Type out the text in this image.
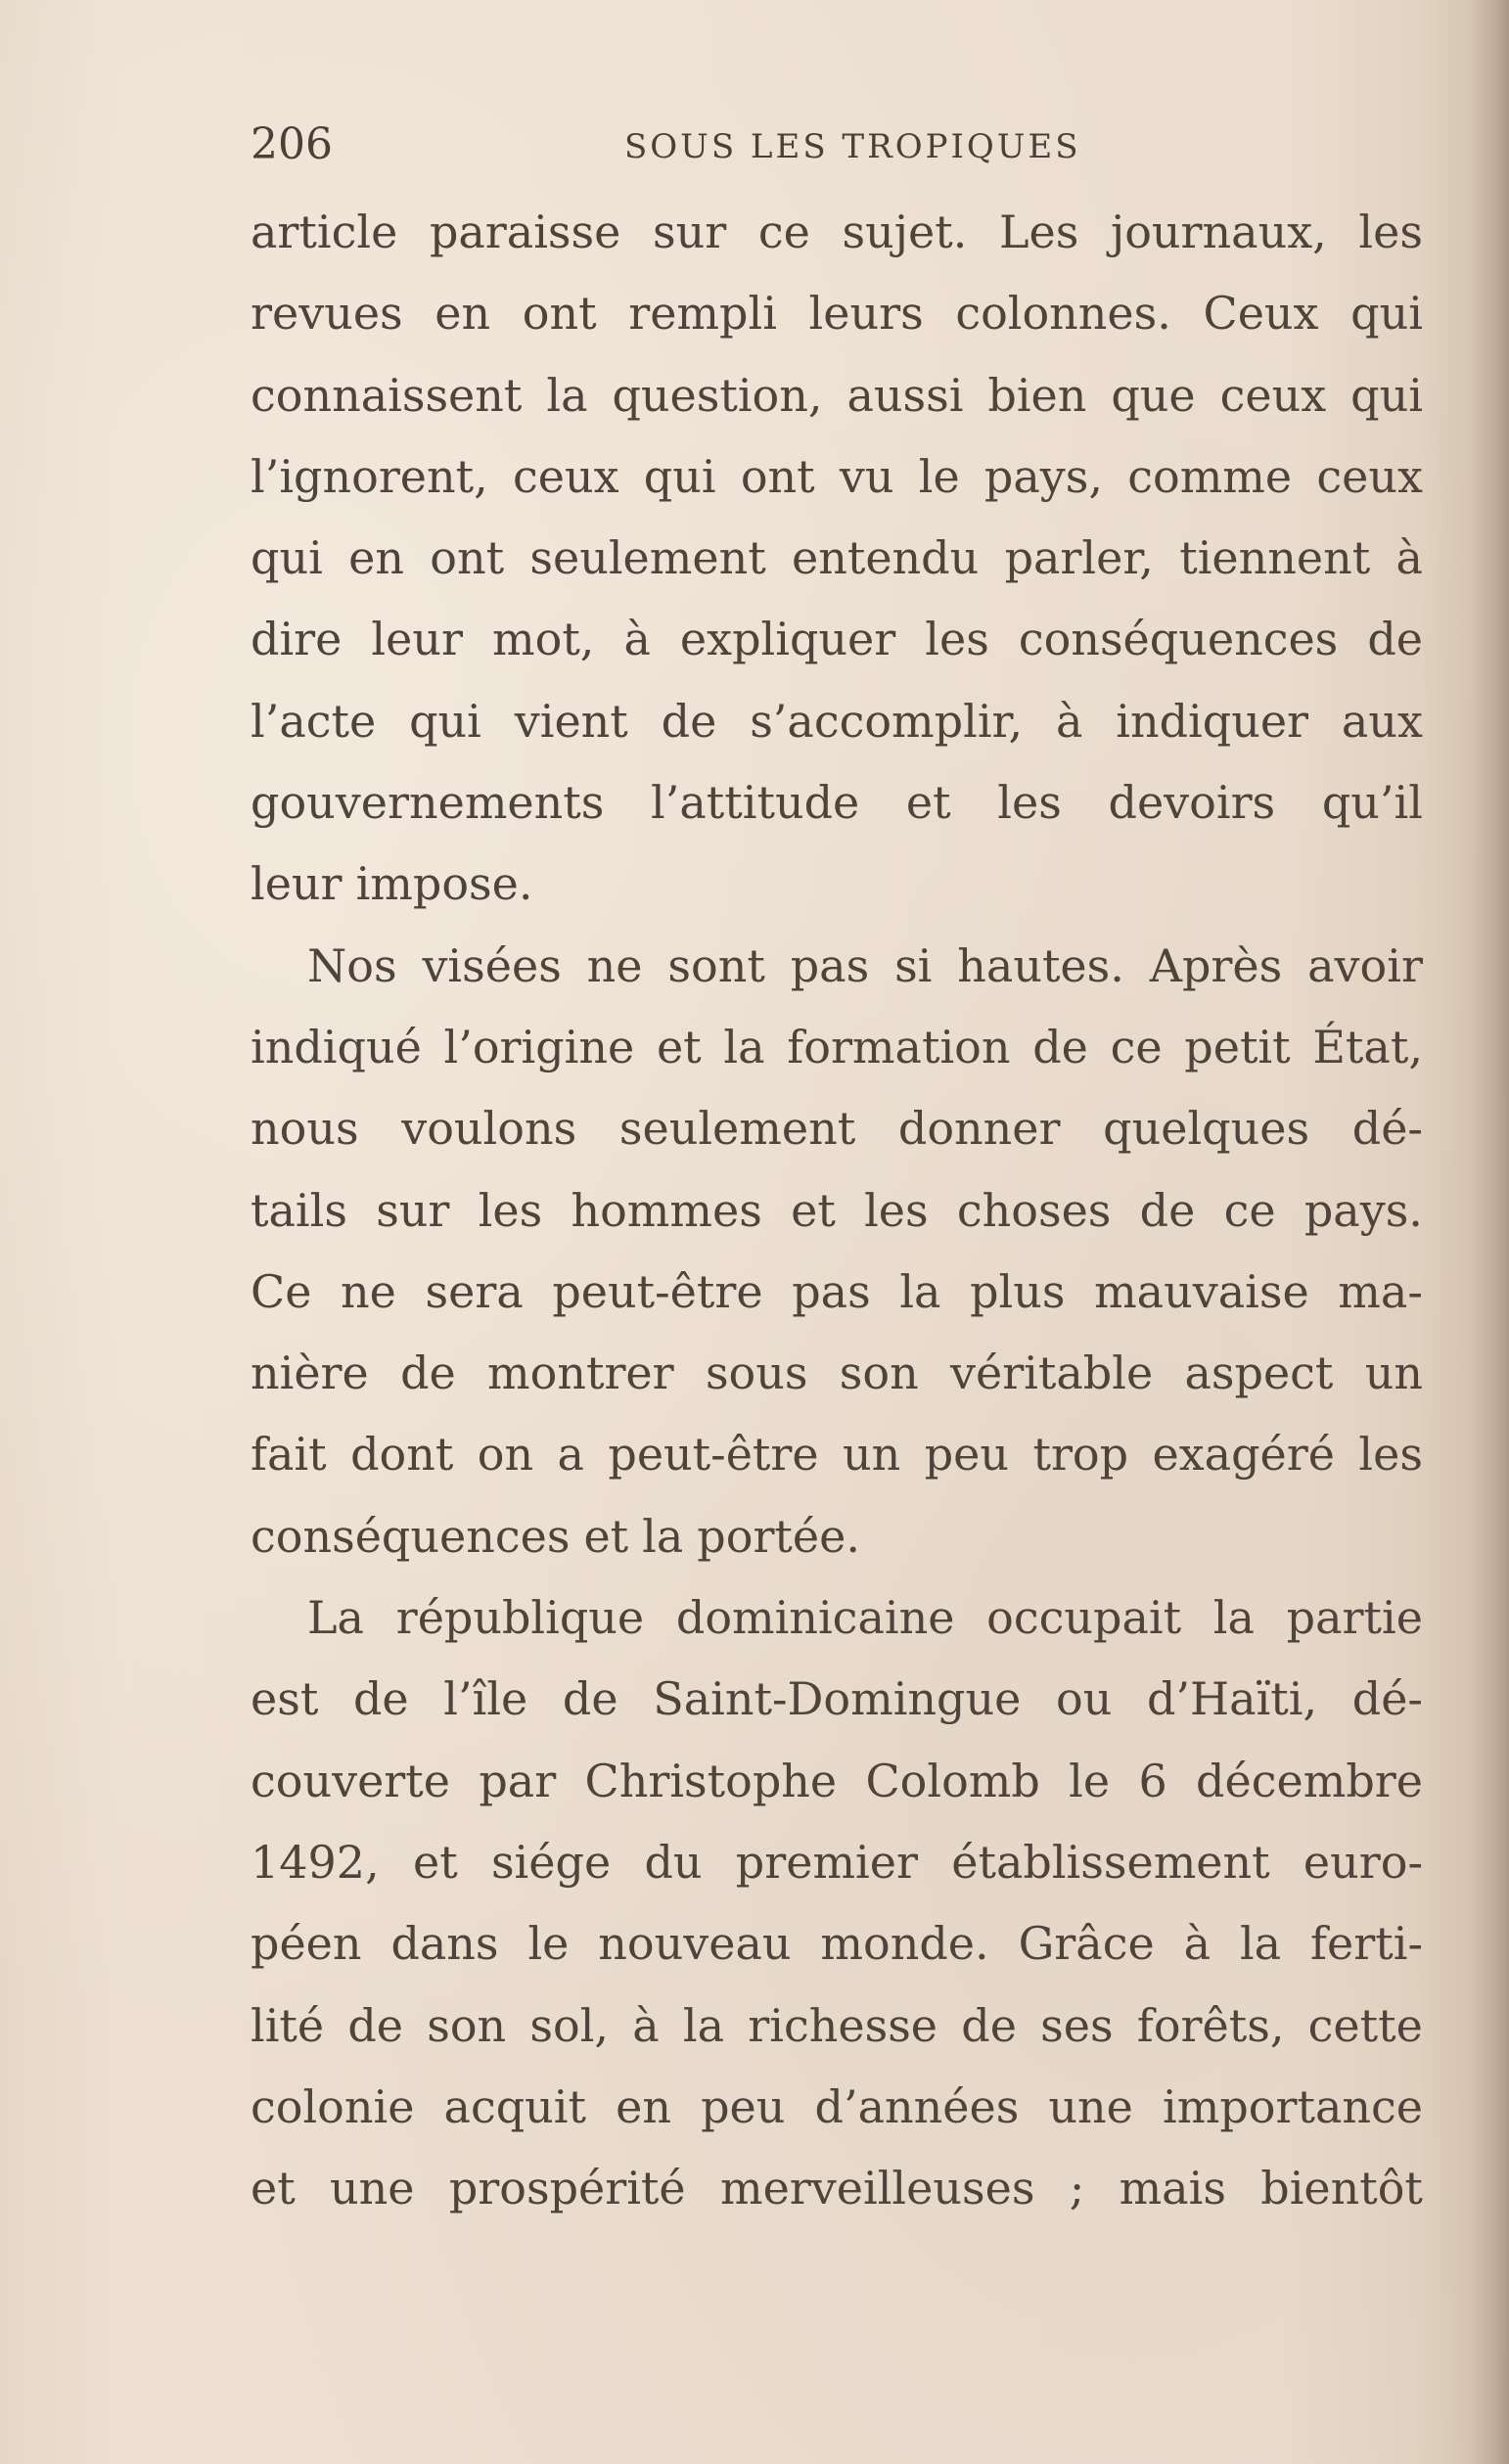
206	SOUS LES TROPIQUES
article paraisse sur ce sujet. Les journaux, les
revues en ont rempli leurs colonnes. Ceux qui
connaissent la question, aussi bien que ceux qui
l’ignorent, ceux qui ont vu le pays, comme ceux
qui en ont seulement entendu parler, tiennent à
dire leur mot, à expliquer les conséquences de
l’acte qui vient de s’accomplir, à indiquer aux
gouvernements l’attitude et les devoirs qu’il
leur impose.
Nos visées ne sont pas si hautes. Après avoir
indiqué l’origine et la formation de ce petit État,
nous voulons seulement donner quelques dé-
tails sur les hommes et les choses de ce pays.
Ce ne sera peut-être pas la plus mauvaise ma-
nière de montrer sous son véritable aspect un
fait dont on a peut-être un peu trop exagéré les
conséquences et la portée.
La république dominicaine occupait la partie
est de l’île de Saint-Domingue ou d’Haïti, dé-
couverte par Christophe Colomb le 6 décembre
1492, et siége du premier établissement euro-
péen dans le nouveau monde. Grâce à la ferti-
lité de son sol, à la richesse de ses forêts, cette
colonie acquit en peu d’années une importance
et une prospérité merveilleuses ; mais bientôt
